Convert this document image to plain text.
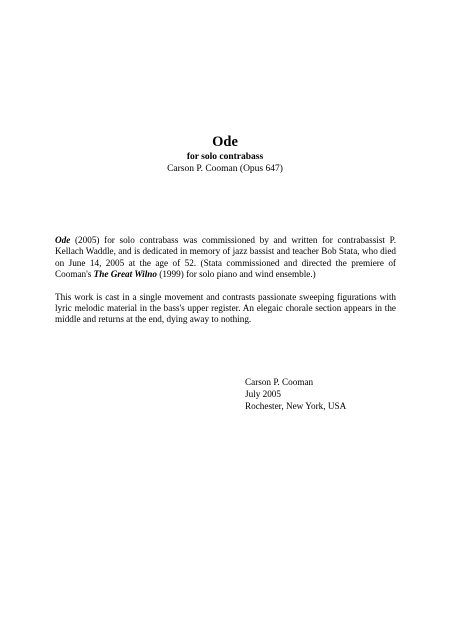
Ode
for solo contrabass
Carson P. Cooman (Opus 647)

Ode (2005) for solo contrabass was commissioned by and written for contrabassist P. Kellach Waddle, and is dedicated in memory of jazz bassist and teacher Bob Stata, who died on June 14, 2005 at the age of 52. (Stata commissioned and directed the premiere of Cooman's The Great Wilno (1999) for solo piano and wind ensemble.)

This work is cast in a single movement and contrasts passionate sweeping figurations with lyric melodic material in the bass's upper register. An elegaic chorale section appears in the middle and returns at the end, dying away to nothing.

Carson P. Cooman
July 2005
Rochester, New York, USA
